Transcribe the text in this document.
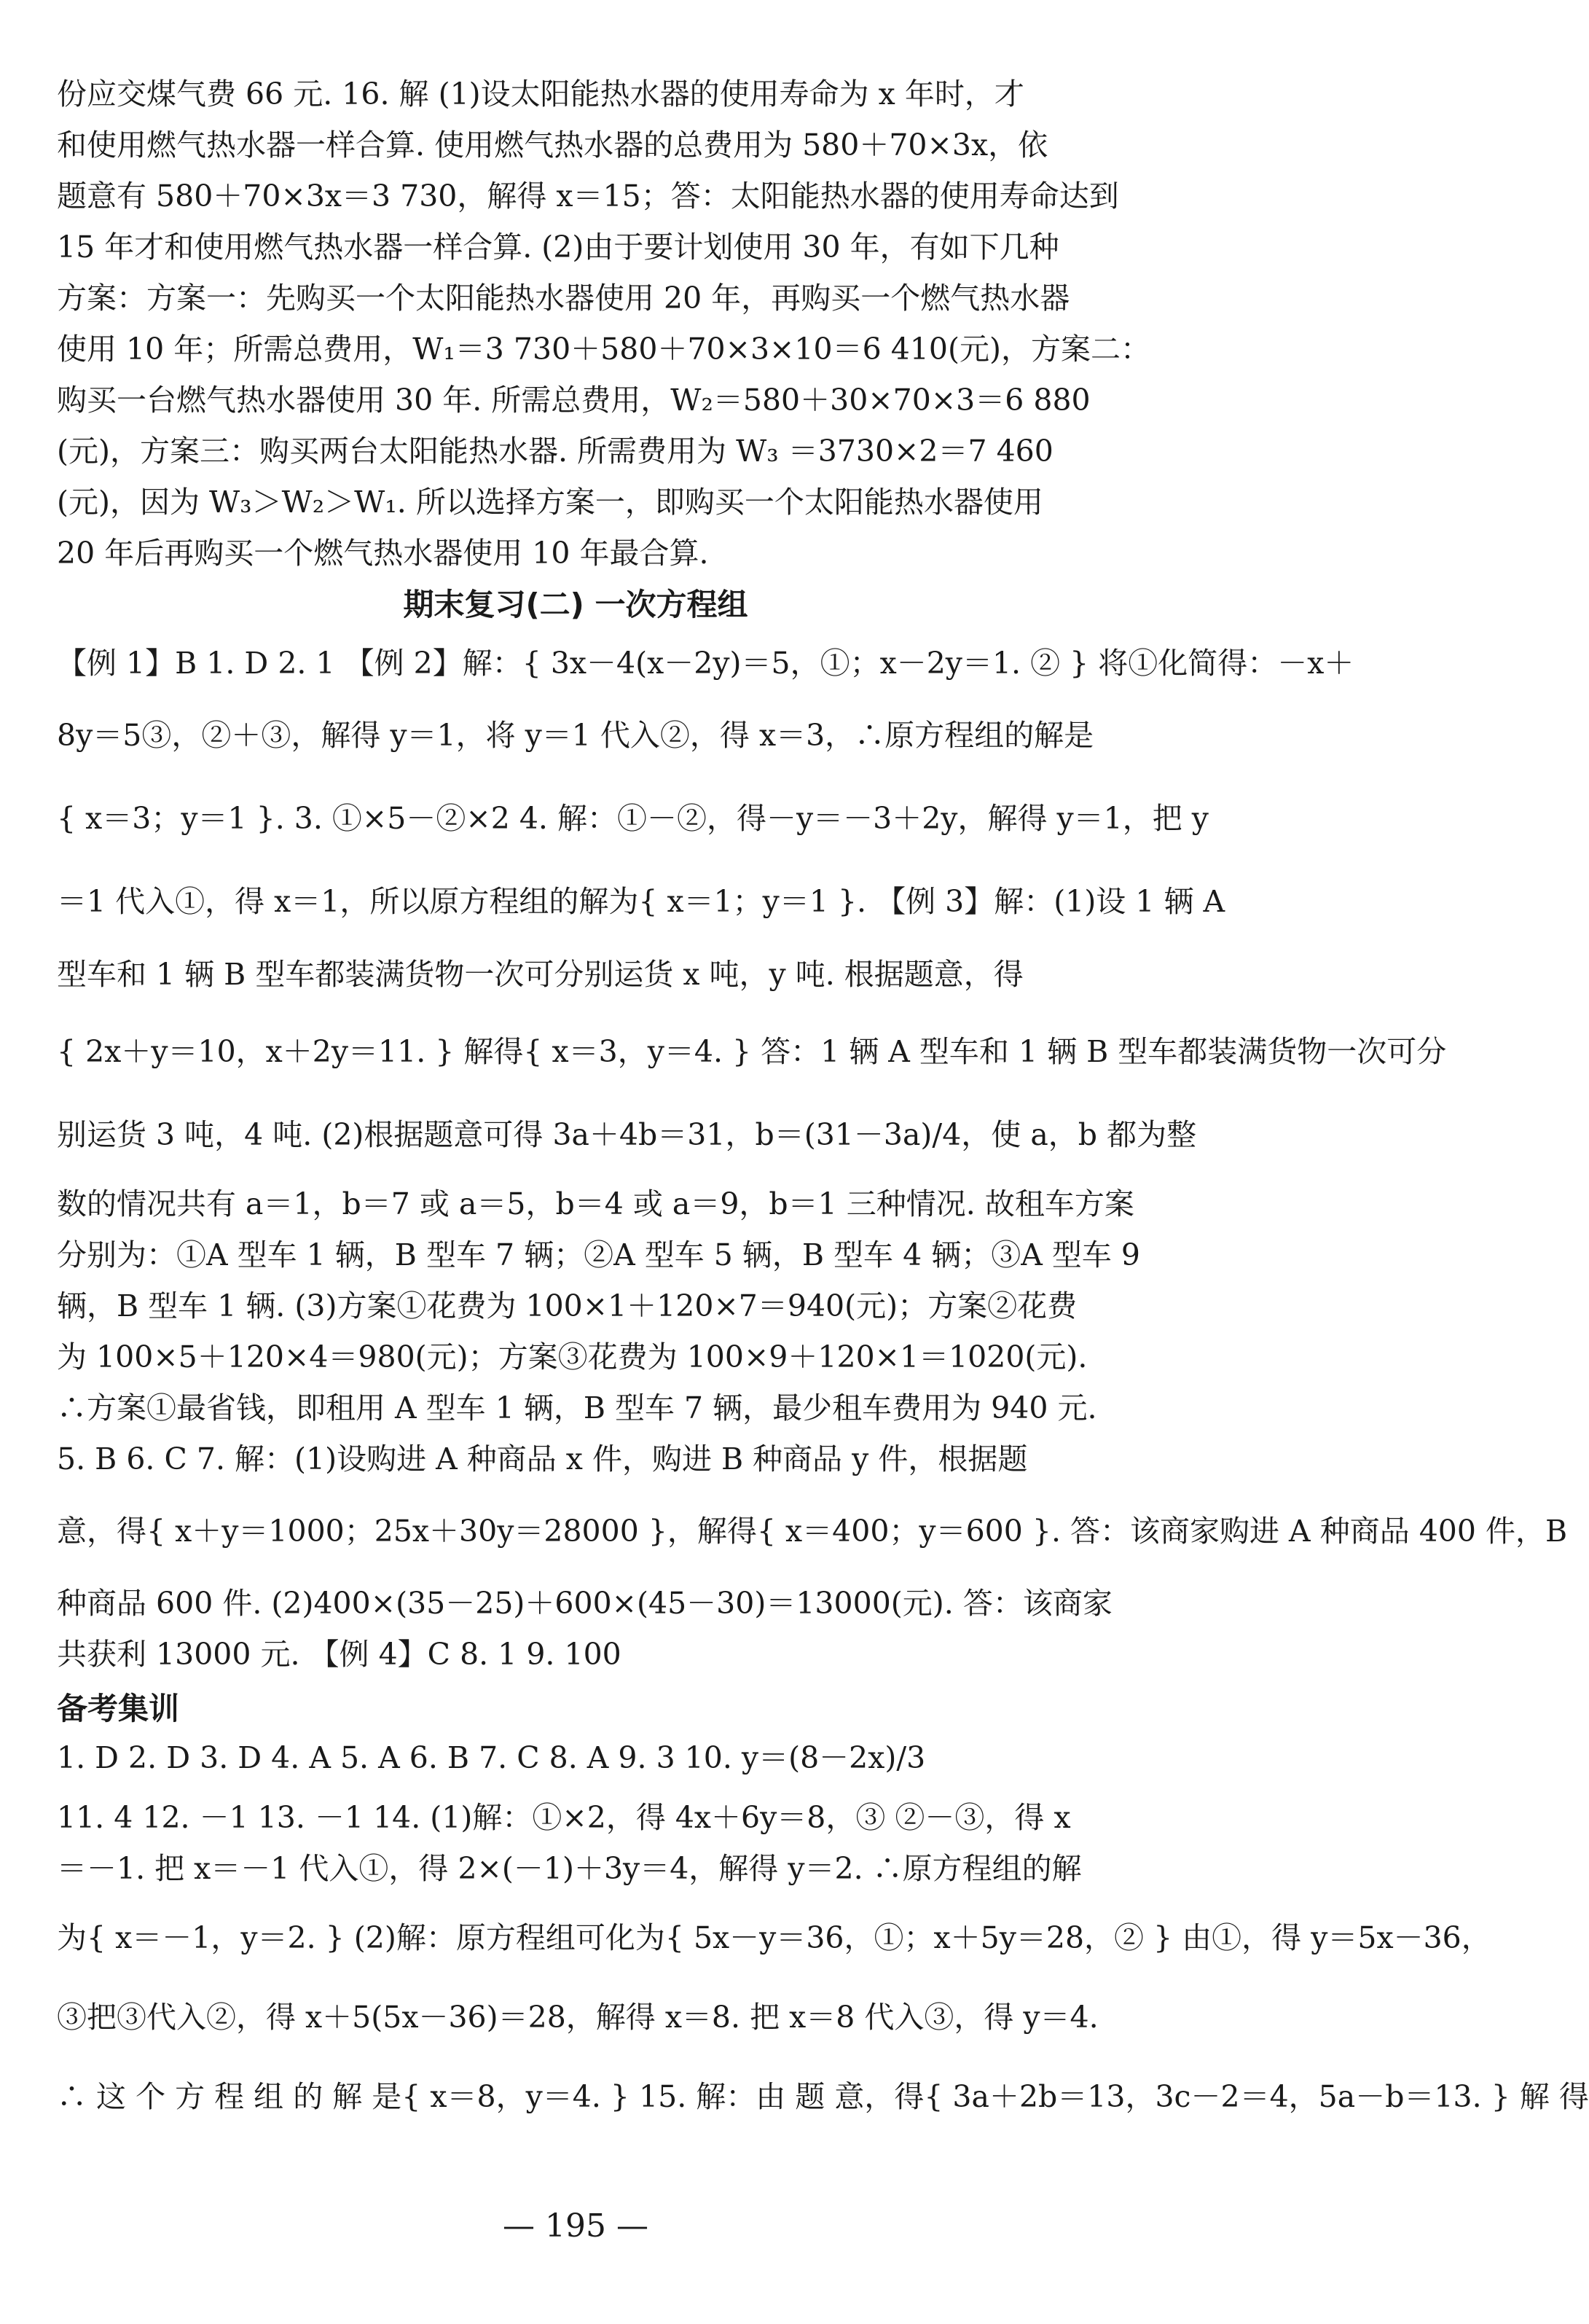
份应交煤气费 66 元. 16. 解 (1)设太阳能热水器的使用寿命为 x 年时，才
和使用燃气热水器一样合算. 使用燃气热水器的总费用为 580＋70×3x，依
题意有 580＋70×3x＝3 730，解得 x＝15；答：太阳能热水器的使用寿命达到
15 年才和使用燃气热水器一样合算. (2)由于要计划使用 30 年，有如下几种
方案：方案一：先购买一个太阳能热水器使用 20 年，再购买一个燃气热水器
使用 10 年；所需总费用，W₁＝3 730＋580＋70×3×10＝6 410(元)，方案二：
购买一台燃气热水器使用 30 年. 所需总费用，W₂＝580＋30×70×3＝6 880
(元)，方案三：购买两台太阳能热水器. 所需费用为 W₃ ＝3730×2＝7 460
(元)，因为 W₃＞W₂＞W₁. 所以选择方案一，即购买一个太阳能热水器使用
20 年后再购买一个燃气热水器使用 10 年最合算.
期末复习(二) 一次方程组
【例 1】B 1. D 2. 1 【例 2】解：{ 3x－4(x－2y)＝5，①；x－2y＝1. ② } 将①化简得：－x＋
8y＝5③，②＋③，解得 y＝1，将 y＝1 代入②，得 x＝3，∴原方程组的解是
{ x＝3；y＝1 }. 3. ①×5－②×2 4. 解：①－②，得－y＝－3＋2y，解得 y＝1，把 y
＝1 代入①，得 x＝1，所以原方程组的解为{ x＝1；y＝1 }. 【例 3】解：(1)设 1 辆 A
型车和 1 辆 B 型车都装满货物一次可分别运货 x 吨，y 吨. 根据题意，得
{ 2x＋y＝10，x＋2y＝11. } 解得{ x＝3，y＝4. } 答：1 辆 A 型车和 1 辆 B 型车都装满货物一次可分
别运货 3 吨，4 吨. (2)根据题意可得 3a＋4b＝31，b＝(31－3a)/4，使 a，b 都为整
数的情况共有 a＝1，b＝7 或 a＝5，b＝4 或 a＝9，b＝1 三种情况. 故租车方案
分别为：①A 型车 1 辆，B 型车 7 辆；②A 型车 5 辆，B 型车 4 辆；③A 型车 9
辆，B 型车 1 辆. (3)方案①花费为 100×1＋120×7＝940(元)；方案②花费
为 100×5＋120×4＝980(元)；方案③花费为 100×9＋120×1＝1020(元).
∴方案①最省钱，即租用 A 型车 1 辆，B 型车 7 辆，最少租车费用为 940 元.
5. B 6. C 7. 解：(1)设购进 A 种商品 x 件，购进 B 种商品 y 件，根据题
意，得{ x＋y＝1000；25x＋30y＝28000 }，解得{ x＝400；y＝600 }. 答：该商家购进 A 种商品 400 件，B
种商品 600 件. (2)400×(35－25)＋600×(45－30)＝13000(元). 答：该商家
共获利 13000 元. 【例 4】C 8. 1 9. 100
备考集训
1. D 2. D 3. D 4. A 5. A 6. B 7. C 8. A 9. 3 10. y＝(8－2x)/3
11. 4 12. －1 13. －1 14. (1)解：①×2，得 4x＋6y＝8，③ ②－③，得 x
＝－1. 把 x＝－1 代入①，得 2×(－1)＋3y＝4，解得 y＝2. ∴原方程组的解
为{ x＝－1，y＝2. } (2)解：原方程组可化为{ 5x－y＝36，①；x＋5y＝28，② } 由①，得 y＝5x－36，
③把③代入②，得 x＋5(5x－36)＝28，解得 x＝8. 把 x＝8 代入③，得 y＝4.
∴ 这 个 方 程 组 的 解 是{ x＝8，y＝4. } 15. 解：由 题 意，得{ 3a＋2b＝13，3c－2＝4，5a－b＝13. } 解 得
— 195 —
